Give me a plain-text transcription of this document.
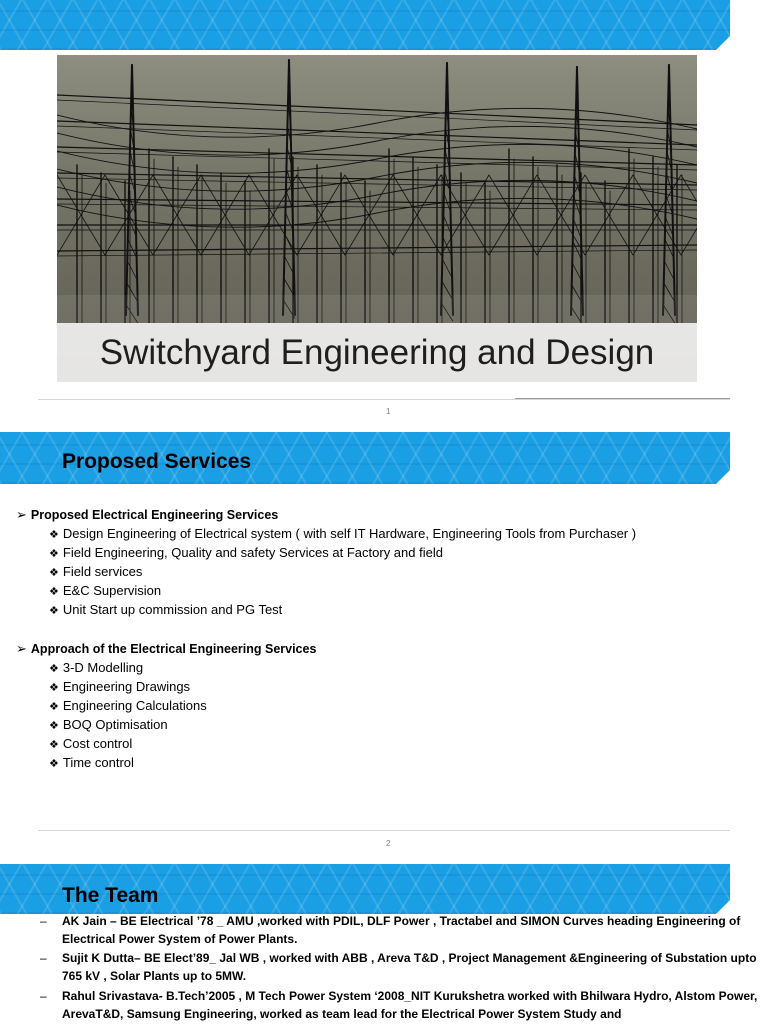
Switchyard Engineering and Design
1
Proposed Services
➢ Proposed Electrical Engineering Services
❖ Design Engineering of Electrical system ( with self IT Hardware, Engineering Tools from Purchaser )
❖ Field Engineering, Quality and safety Services at Factory and field
❖ Field services
❖ E&C Supervision
❖ Unit Start up commission and PG Test
➢ Approach of the Electrical Engineering Services
❖ 3-D Modelling
❖ Engineering Drawings
❖ Engineering Calculations
❖ BOQ Optimisation
❖ Cost control
❖ Time control
2
The Team
– AK Jain – BE Electrical ’78 _ AMU ,worked with PDIL, DLF Power , Tractabel and SIMON Curves heading Engineering of Electrical Power System of Power Plants.
– Sujit K Dutta– BE Elect’89_ Jal WB , worked with ABB , Areva T&D , Project Management &Engineering of Substation upto 765 kV , Solar Plants up to 5MW.
– Rahul Srivastava- B.Tech’2005 , M Tech Power System ‘2008_NIT Kurukshetra worked with Bhilwara Hydro, Alstom Power, ArevaT&D, Samsung Engineering, worked as team lead for the Electrical Power System Study and
